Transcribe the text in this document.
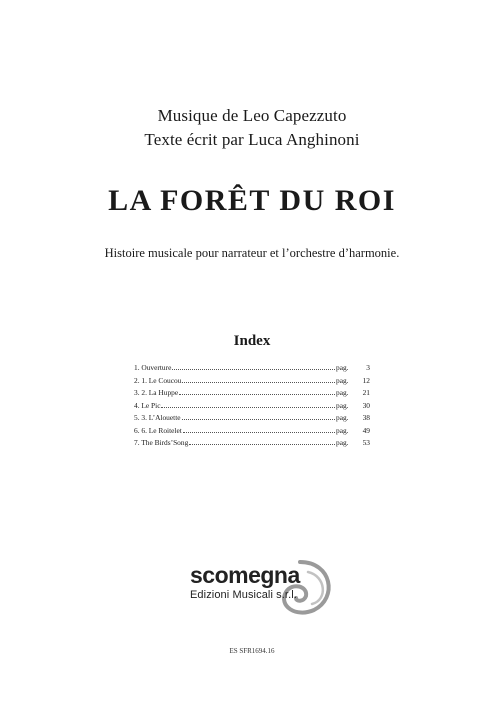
Musique de Leo Capezzuto
Texte écrit par Luca Anghinoni
LA FORÊT DU ROI
Histoire musicale pour narrateur et l’orchestre d’harmonie.
Index
1. Ouverture	pag.	3
2. 1. Le Coucou	pag.	12
3. 2. La Huppe	pag.	21
4. Le Pic	pag.	30
5. 3. L’Alouette	pag.	38
6. 6. Le Roitelet	pag.	49
7. The Birds’Song	pag.	53
scomegna
Edizioni Musicali s.r.l.
ES SFR1694.16
